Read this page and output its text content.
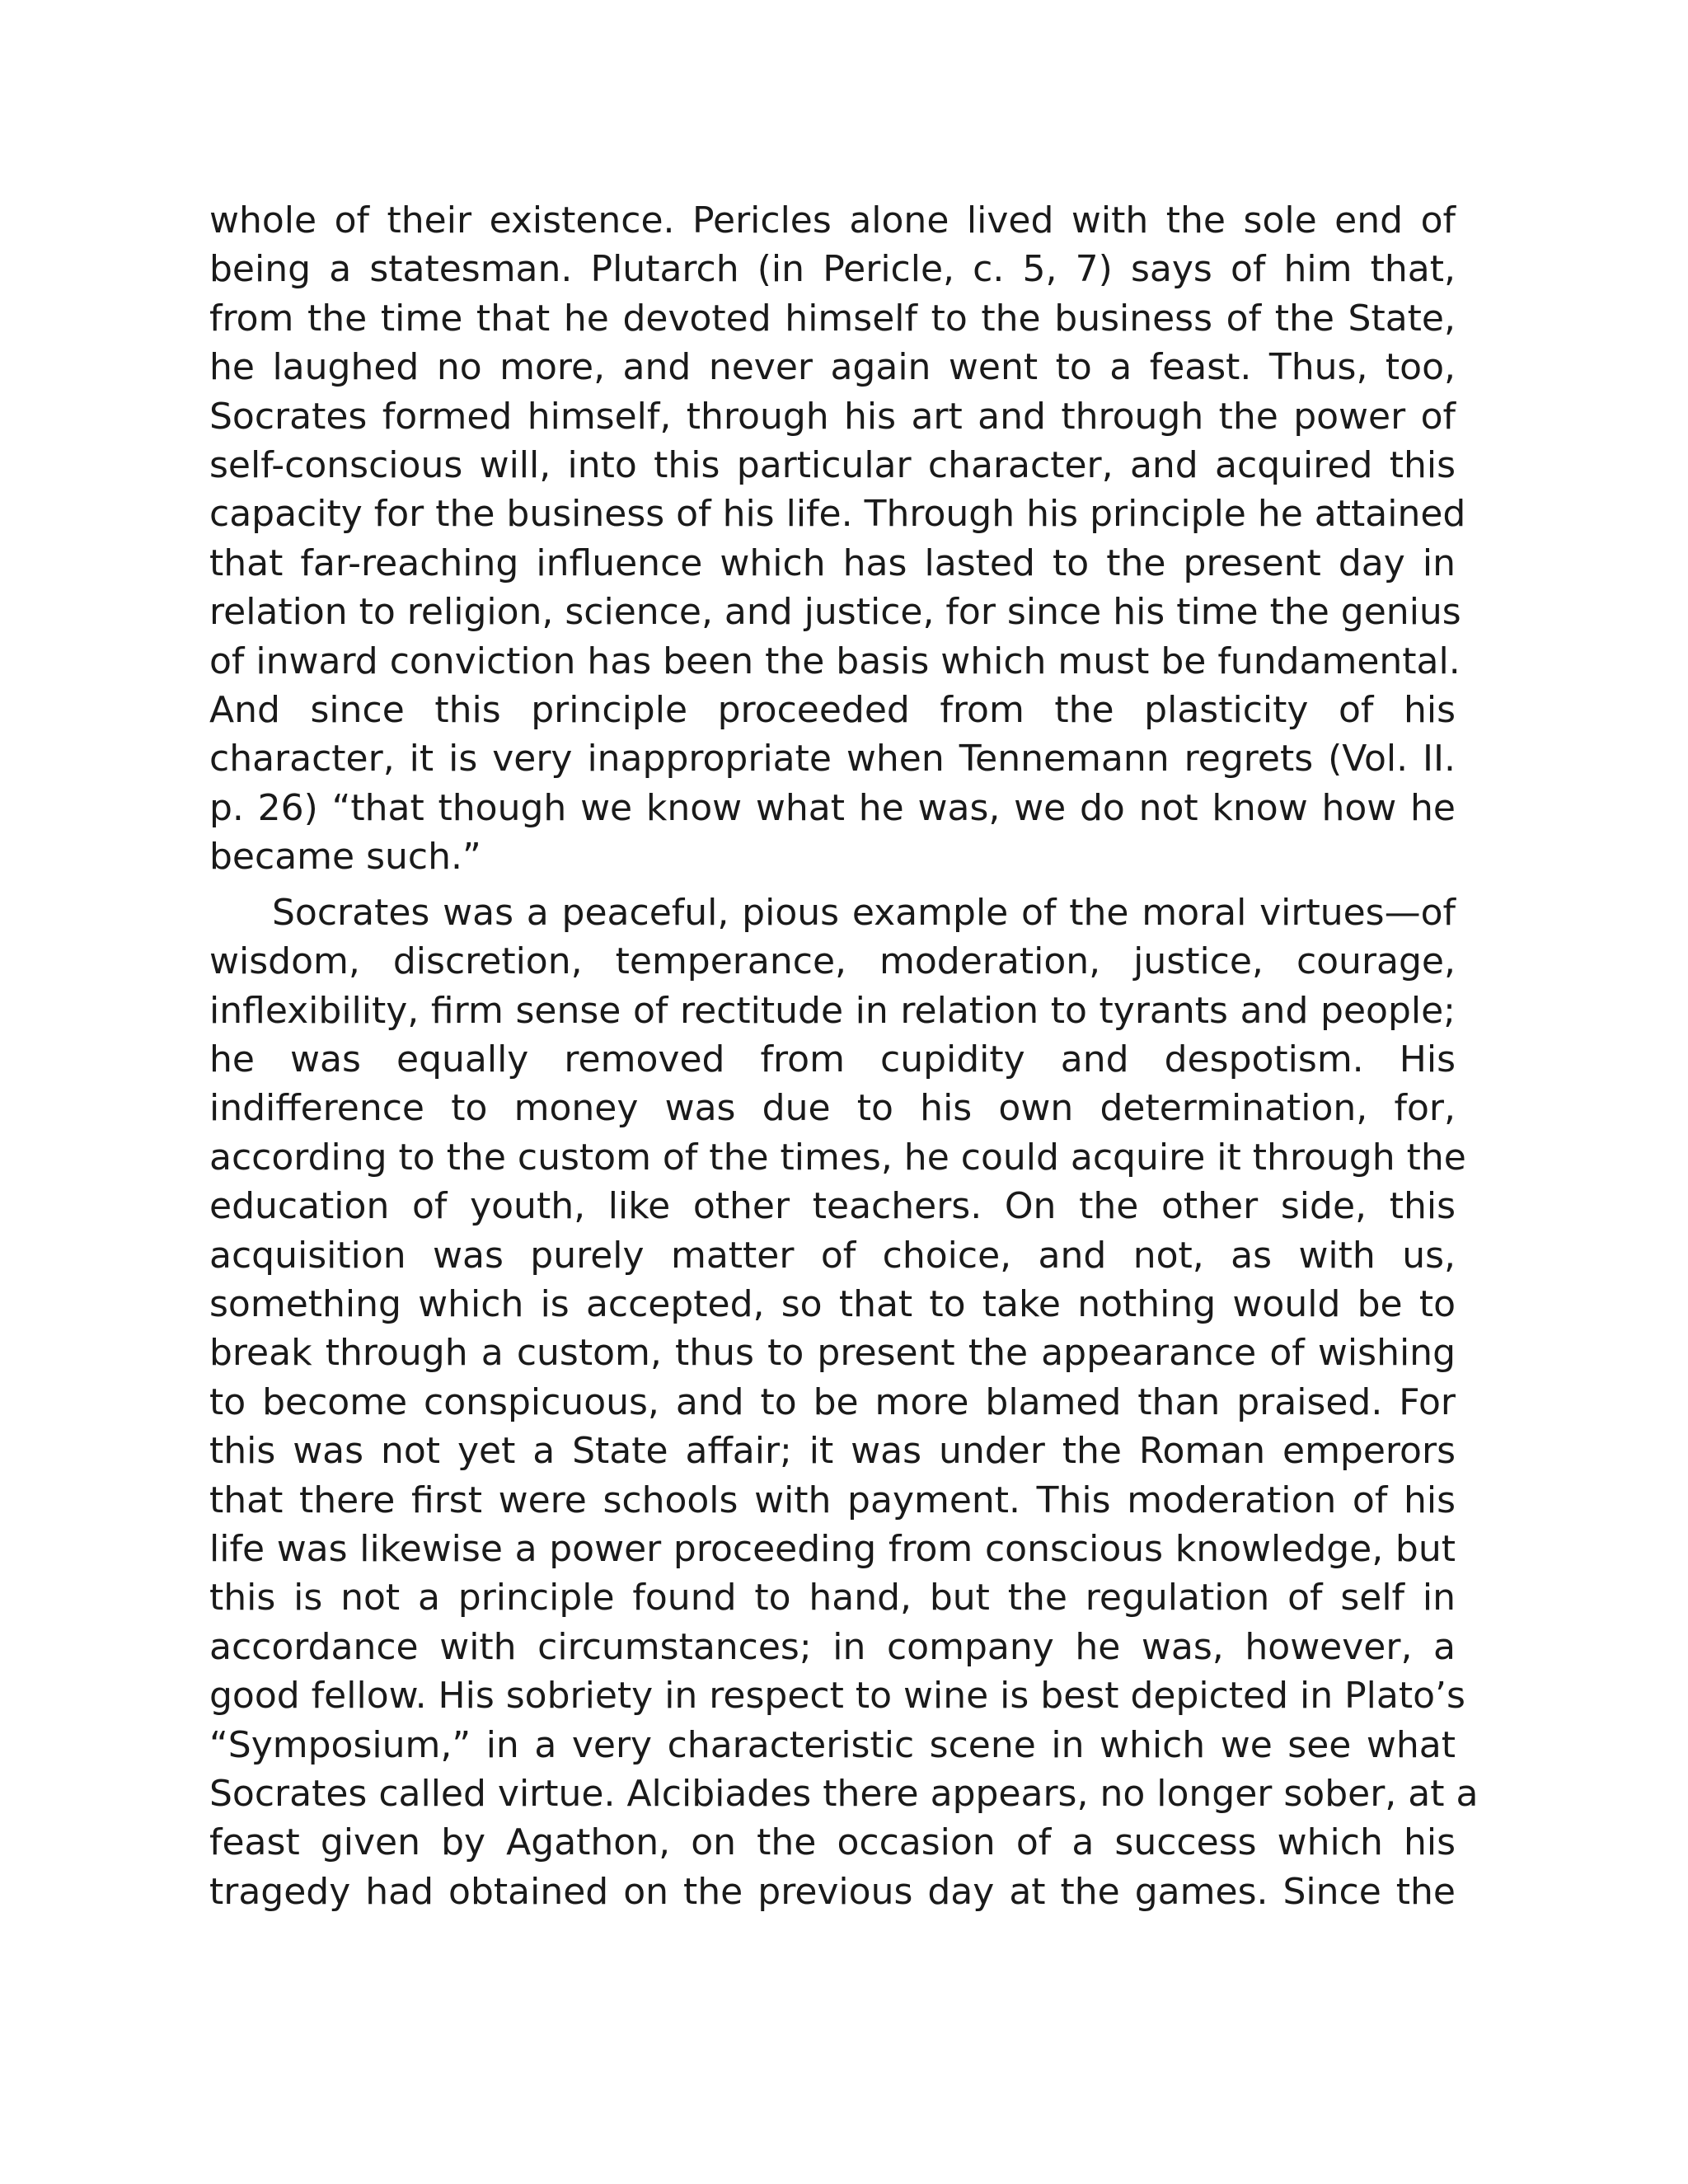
whole of their existence. Pericles alone lived with the sole end of
being a statesman. Plutarch (in Pericle, c. 5, 7) says of him that,
from the time that he devoted himself to the business of the State,
he laughed no more, and never again went to a feast. Thus, too,
Socrates formed himself, through his art and through the power of
self-conscious will, into this particular character, and acquired this
capacity for the business of his life. Through his principle he attained
that far-reaching influence which has lasted to the present day in
relation to religion, science, and justice, for since his time the genius
of inward conviction has been the basis which must be fundamental.
And since this principle proceeded from the plasticity of his
character, it is very inappropriate when Tennemann regrets (Vol. II.
p. 26) “that though we know what he was, we do not know how he
became such.”
Socrates was a peaceful, pious example of the moral virtues—of
wisdom, discretion, temperance, moderation, justice, courage,
inflexibility, firm sense of rectitude in relation to tyrants and people;
he was equally removed from cupidity and despotism. His
indifference to money was due to his own determination, for,
according to the custom of the times, he could acquire it through the
education of youth, like other teachers. On the other side, this
acquisition was purely matter of choice, and not, as with us,
something which is accepted, so that to take nothing would be to
break through a custom, thus to present the appearance of wishing
to become conspicuous, and to be more blamed than praised. For
this was not yet a State affair; it was under the Roman emperors
that there first were schools with payment. This moderation of his
life was likewise a power proceeding from conscious knowledge, but
this is not a principle found to hand, but the regulation of self in
accordance with circumstances; in company he was, however, a
good fellow. His sobriety in respect to wine is best depicted in Plato’s
“Symposium,” in a very characteristic scene in which we see what
Socrates called virtue. Alcibiades there appears, no longer sober, at a
feast given by Agathon, on the occasion of a success which his
tragedy had obtained on the previous day at the games. Since the
